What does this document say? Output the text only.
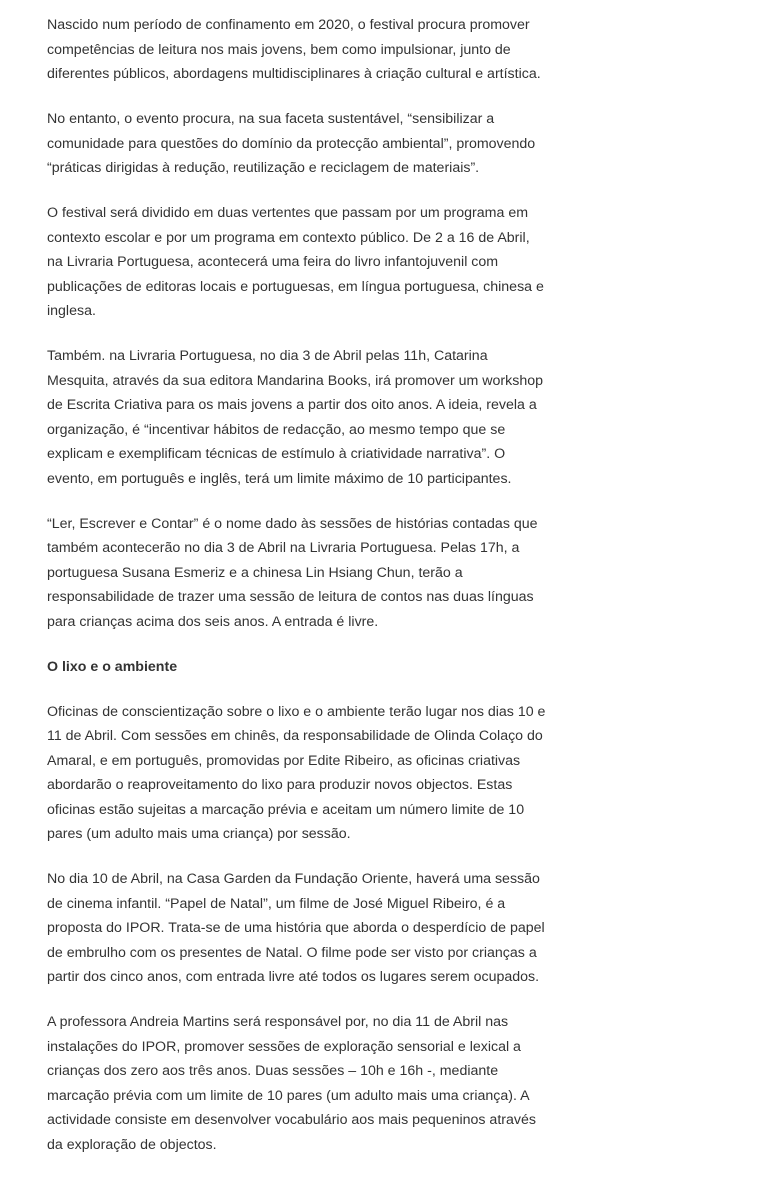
Nascido num período de confinamento em 2020, o festival procura promover competências de leitura nos mais jovens, bem como impulsionar, junto de diferentes públicos, abordagens multidisciplinares à criação cultural e artística.

No entanto, o evento procura, na sua faceta sustentável, “sensibilizar a comunidade para questões do domínio da protecção ambiental”, promovendo “práticas dirigidas à redução, reutilização e reciclagem de materiais”.

O festival será dividido em duas vertentes que passam por um programa em contexto escolar e por um programa em contexto público. De 2 a 16 de Abril, na Livraria Portuguesa, acontecerá uma feira do livro infantojuvenil com publicações de editoras locais e portuguesas, em língua portuguesa, chinesa e inglesa.

Também. na Livraria Portuguesa, no dia 3 de Abril pelas 11h, Catarina Mesquita, através da sua editora Mandarina Books, irá promover um workshop de Escrita Criativa para os mais jovens a partir dos oito anos. A ideia, revela a organização, é “incentivar hábitos de redacção, ao mesmo tempo que se explicam e exemplificam técnicas de estímulo à criatividade narrativa”. O evento, em português e inglês, terá um limite máximo de 10 participantes.

“Ler, Escrever e Contar” é o nome dado às sessões de histórias contadas que também acontecerão no dia 3 de Abril na Livraria Portuguesa. Pelas 17h, a portuguesa Susana Esmeriz e a chinesa Lin Hsiang Chun, terão a responsabilidade de trazer uma sessão de leitura de contos nas duas línguas para crianças acima dos seis anos. A entrada é livre.

O lixo e o ambiente

Oficinas de conscientização sobre o lixo e o ambiente terão lugar nos dias 10 e 11 de Abril. Com sessões em chinês, da responsabilidade de Olinda Colaço do Amaral, e em português, promovidas por Edite Ribeiro, as oficinas criativas abordarão o reaproveitamento do lixo para produzir novos objectos. Estas oficinas estão sujeitas a marcação prévia e aceitam um número limite de 10 pares (um adulto mais uma criança) por sessão.

No dia 10 de Abril, na Casa Garden da Fundação Oriente, haverá uma sessão de cinema infantil. “Papel de Natal”, um filme de José Miguel Ribeiro, é a proposta do IPOR. Trata-se de uma história que aborda o desperdício de papel de embrulho com os presentes de Natal. O filme pode ser visto por crianças a partir dos cinco anos, com entrada livre até todos os lugares serem ocupados.

A professora Andreia Martins será responsável por, no dia 11 de Abril nas instalações do IPOR, promover sessões de exploração sensorial e lexical a crianças dos zero aos três anos. Duas sessões – 10h e 16h -, mediante marcação prévia com um limite de 10 pares (um adulto mais uma criança). A actividade consiste em desenvolver vocabulário aos mais pequeninos através da exploração de objectos.
